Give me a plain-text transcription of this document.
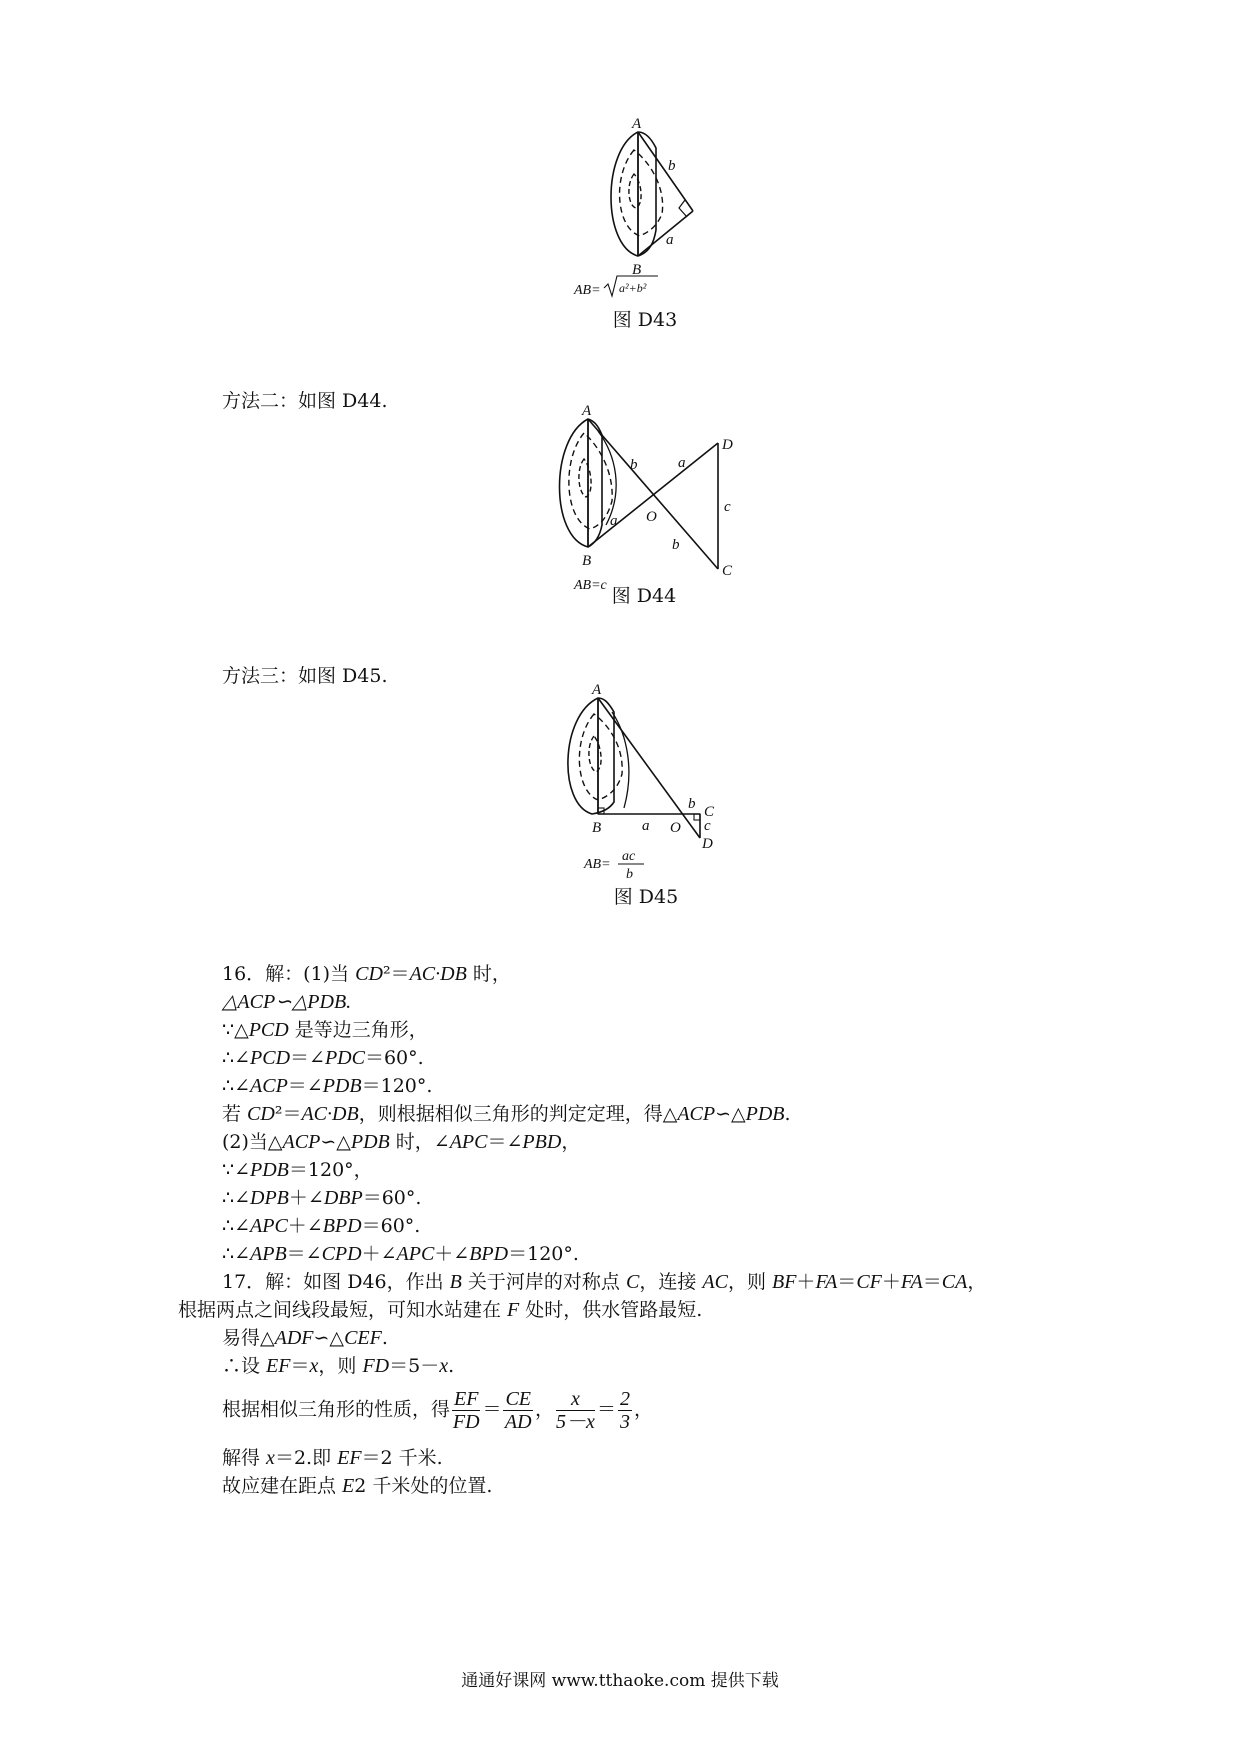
A
B
b
a
AB= a²+b²
图 D43
方法二：如图 D44.	A
B
D
C
O
b	a
c
a
b
AB=c 图 D44
方法三：如图 D45.
A
B	O
a
b C
c
D
AB=
ac
b
图 D45
16．解：(1)当 CD²＝AC·DB 时，
△ACP∽△PDB.
∵△PCD 是等边三角形，
∴∠PCD＝∠PDC＝60°.
∴∠ACP＝∠PDB＝120°.
若 CD²＝AC·DB，则根据相似三角形的判定定理，得△ACP∽△PDB.
(2)当△ACP∽△PDB 时，∠APC＝∠PBD，
∵∠PDB＝120°，
∴∠DPB＋∠DBP＝60°.
∴∠APC＋∠BPD＝60°.
∴∠APB＝∠CPD＋∠APC＋∠BPD＝120°.
17．解：如图 D46，作出 B 关于河岸的对称点 C，连接 AC，则 BF＋FA＝CF＋FA＝CA，
根据两点之间线段最短，可知水站建在 F 处时，供水管路最短.
易得△ADF∽△CEF.
∴设 EF＝x，则 FD＝5－x.
根据相似三角形的性质，得 $\frac{EF}{FD} = \frac{CE}{AD}$ ， $\frac{x}{5-x} = \frac{2}{3}$ ，
解得 x＝2.即 EF＝2 千米.
故应建在距点 E2 千米处的位置.
通通好课网 www.tthaoke.com 提供下载
